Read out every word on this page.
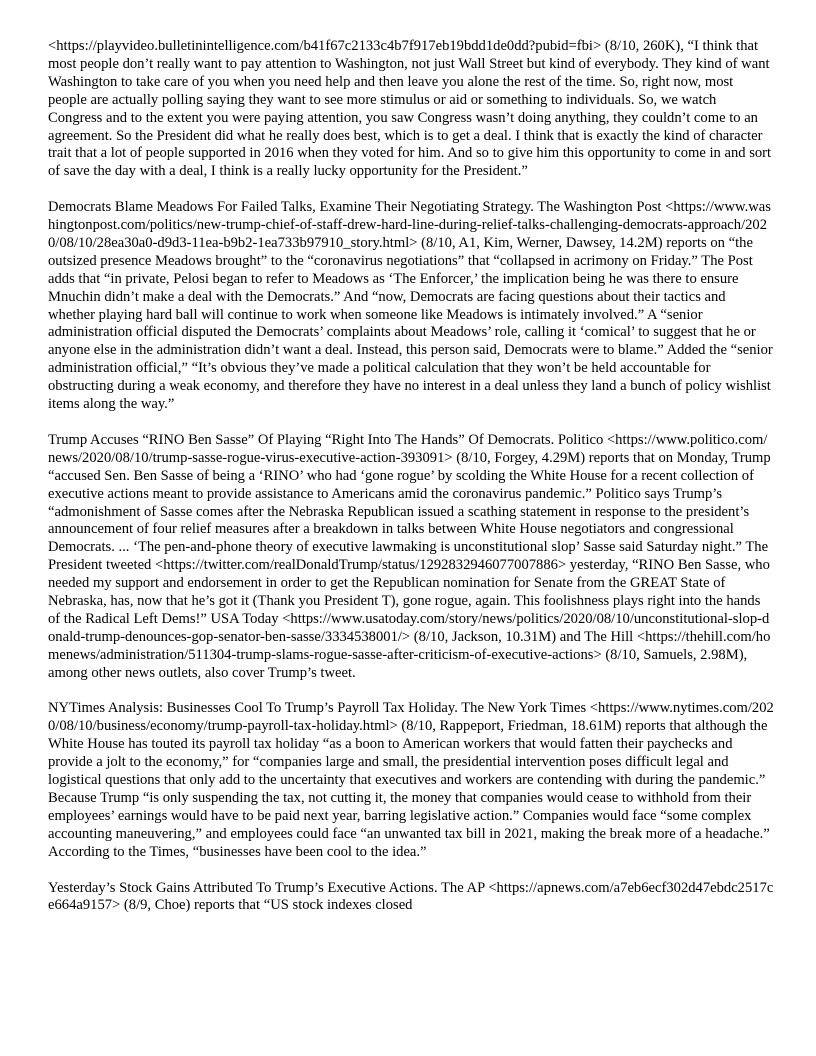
<https://playvideo.bulletinintelligence.com/b41f67c2133c4b7f917eb19bdd1de0dd?pubid=fbi> (8/10, 260K), “I think that most people don’t really want to pay attention to Washington, not just Wall Street but kind of everybody. They kind of want Washington to take care of you when you need help and then leave you alone the rest of the time. So, right now, most people are actually polling saying they want to see more stimulus or aid or something to individuals. So, we watch Congress and to the extent you were paying attention, you saw Congress wasn’t doing anything, they couldn’t come to an agreement. So the President did what he really does best, which is to get a deal. I think that is exactly the kind of character trait that a lot of people supported in 2016 when they voted for him. And so to give him this opportunity to come in and sort of save the day with a deal, I think is a really lucky opportunity for the President.”

Democrats Blame Meadows For Failed Talks, Examine Their Negotiating Strategy. The Washington Post <https://www.washingtonpost.com/politics/new-trump-chief-of-staff-drew-hard-line-during-relief-talks-challenging-democrats-approach/2020/08/10/28ea30a0-d9d3-11ea-b9b2-1ea733b97910_story.html> (8/10, A1, Kim, Werner, Dawsey, 14.2M) reports on “the outsized presence Meadows brought” to the “coronavirus negotiations” that “collapsed in acrimony on Friday.” The Post adds that “in private, Pelosi began to refer to Meadows as ‘The Enforcer,’ the implication being he was there to ensure Mnuchin didn’t make a deal with the Democrats.” And “now, Democrats are facing questions about their tactics and whether playing hard ball will continue to work when someone like Meadows is intimately involved.” A “senior administration official disputed the Democrats’ complaints about Meadows’ role, calling it ‘comical’ to suggest that he or anyone else in the administration didn’t want a deal. Instead, this person said, Democrats were to blame.” Added the “senior administration official,” “It’s obvious they’ve made a political calculation that they won’t be held accountable for obstructing during a weak economy, and therefore they have no interest in a deal unless they land a bunch of policy wishlist items along the way.”

Trump Accuses “RINO Ben Sasse” Of Playing “Right Into The Hands” Of Democrats. Politico <https://www.politico.com/news/2020/08/10/trump-sasse-rogue-virus-executive-action-393091> (8/10, Forgey, 4.29M) reports that on Monday, Trump “accused Sen. Ben Sasse of being a ‘RINO’ who had ‘gone rogue’ by scolding the White House for a recent collection of executive actions meant to provide assistance to Americans amid the coronavirus pandemic.” Politico says Trump’s “admonishment of Sasse comes after the Nebraska Republican issued a scathing statement in response to the president’s announcement of four relief measures after a breakdown in talks between White House negotiators and congressional Democrats. ... ‘The pen-and-phone theory of executive lawmaking is unconstitutional slop’ Sasse said Saturday night.” The President tweeted <https://twitter.com/realDonaldTrump/status/1292832946077007886> yesterday, “RINO Ben Sasse, who needed my support and endorsement in order to get the Republican nomination for Senate from the GREAT State of Nebraska, has, now that he’s got it (Thank you President T), gone rogue, again. This foolishness plays right into the hands of the Radical Left Dems!” USA Today <https://www.usatoday.com/story/news/politics/2020/08/10/unconstitutional-slop-donald-trump-denounces-gop-senator-ben-sasse/3334538001/> (8/10, Jackson, 10.31M) and The Hill <https://thehill.com/homenews/administration/511304-trump-slams-rogue-sasse-after-criticism-of-executive-actions> (8/10, Samuels, 2.98M), among other news outlets, also cover Trump’s tweet.

NYTimes Analysis: Businesses Cool To Trump’s Payroll Tax Holiday. The New York Times <https://www.nytimes.com/2020/08/10/business/economy/trump-payroll-tax-holiday.html> (8/10, Rappeport, Friedman, 18.61M) reports that although the White House has touted its payroll tax holiday “as a boon to American workers that would fatten their paychecks and provide a jolt to the economy,” for “companies large and small, the presidential intervention poses difficult legal and logistical questions that only add to the uncertainty that executives and workers are contending with during the pandemic.” Because Trump “is only suspending the tax, not cutting it, the money that companies would cease to withhold from their employees’ earnings would have to be paid next year, barring legislative action.” Companies would face “some complex accounting maneuvering,” and employees could face “an unwanted tax bill in 2021, making the break more of a headache.” According to the Times, “businesses have been cool to the idea.”

Yesterday’s Stock Gains Attributed To Trump’s Executive Actions. The AP <https://apnews.com/a7eb6ecf302d47ebdc2517ce664a9157> (8/9, Choe) reports that “US stock indexes closed
